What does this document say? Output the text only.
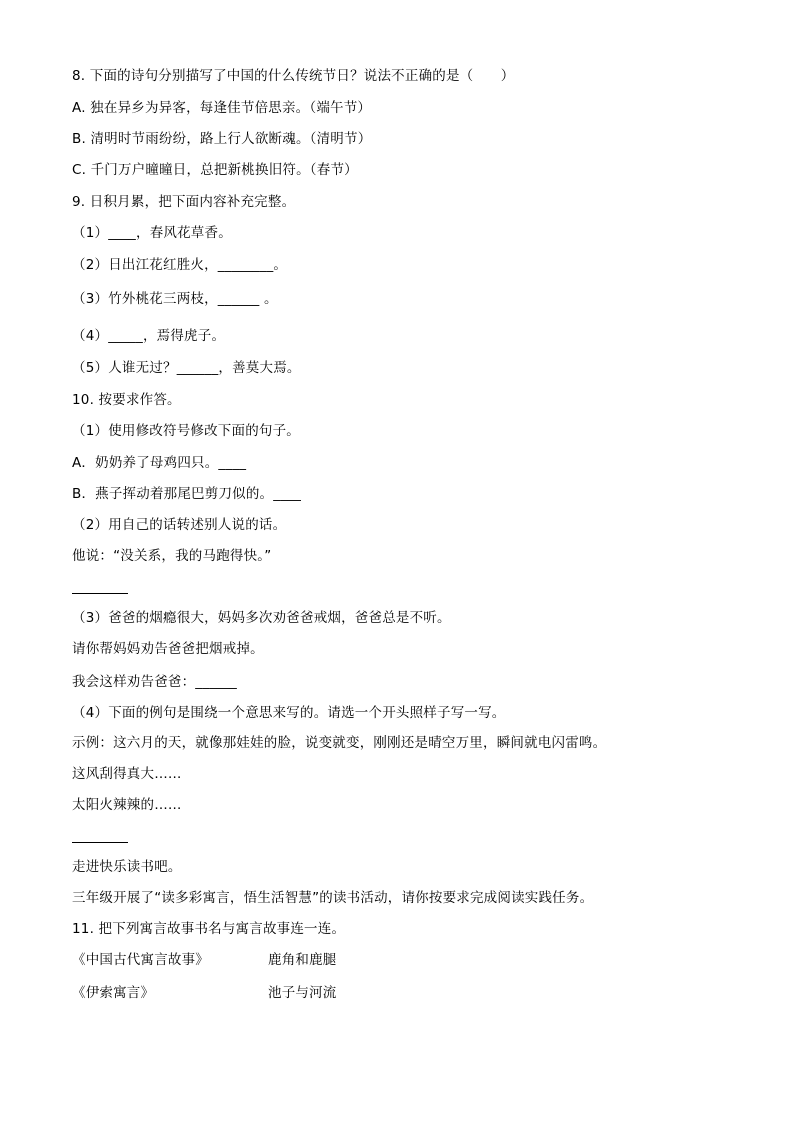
8. 下面的诗句分别描写了中国的什么传统节日？说法不正确的是（　　）
A. 独在异乡为异客，每逢佳节倍思亲。（端午节）
B. 清明时节雨纷纷，路上行人欲断魂。（清明节）
C. 千门万户曈曈日，总把新桃换旧符。（春节）
9. 日积月累，把下面内容补充完整。
（1）____，春风花草香。
（2）日出江花红胜火，________。
（3）竹外桃花三两枝，______ 。
（4）_____，焉得虎子。
（5）人谁无过？______，善莫大焉。
10. 按要求作答。
（1）使用修改符号修改下面的句子。
A．奶奶养了母鸡四只。____
B．燕子挥动着那尾巴剪刀似的。____
（2）用自己的话转述别人说的话。
他说：“没关系，我的马跑得快。”
（3）爸爸的烟瘾很大，妈妈多次劝爸爸戒烟，爸爸总是不听。
请你帮妈妈劝告爸爸把烟戒掉。
我会这样劝告爸爸：______
（4）下面的例句是围绕一个意思来写的。请选一个开头照样子写一写。
示例：这六月的天，就像那娃娃的脸，说变就变，刚刚还是晴空万里，瞬间就电闪雷鸣。
这风刮得真大……
太阳火辣辣的……
走进快乐读书吧。
三年级开展了“读多彩寓言，悟生活智慧”的读书活动，请你按要求完成阅读实践任务。
11. 把下列寓言故事书名与寓言故事连一连。
《中国古代寓言故事》	鹿角和鹿腿
《伊索寓言》	池子与河流
